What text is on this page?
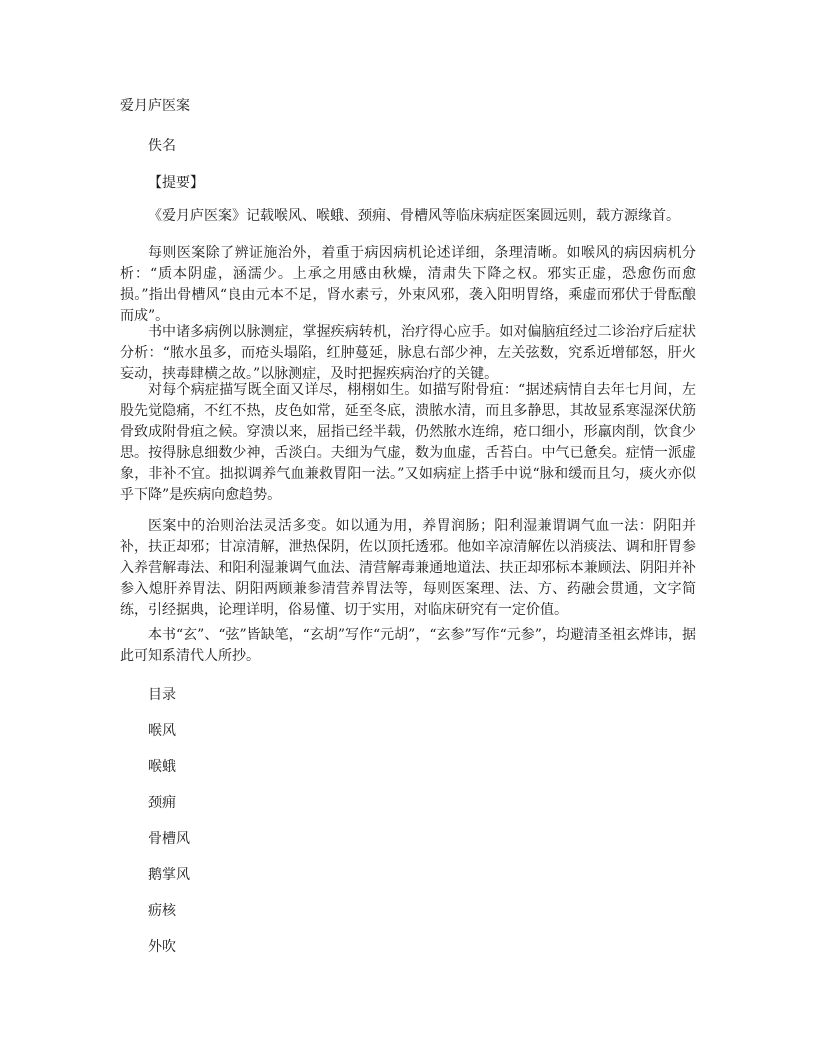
爱月庐医案
佚名
【提要】
《爱月庐医案》记载喉风、喉蛾、颈痈、骨槽风等临床病症医案圆远则，载方源缘首。
每则医案除了辨证施治外，着重于病因病机论述详细，条理清晰。如喉风的病因病机分析：“质本阴虚，涵濡少。上承之用感由秋燥，清肃失下降之权。邪实正虚，恐愈伤而愈损。”指出骨槽风“良由元本不足，肾水素亏，外束风邪，袭入阳明胃络，乘虚而邪伏于骨酝酿而成”。
书中诸多病例以脉测症，掌握疾病转机，治疗得心应手。如对偏脑疽经过二诊治疗后症状分析：“脓水虽多，而疮头塌陷，红肿蔓延，脉息右部少神，左关弦数，究系近增郁怒，肝火妄动，挟毒肆横之故。”以脉测症，及时把握疾病治疗的关键。
对每个病症描写既全面又详尽，栩栩如生。如描写附骨疽：“据述病情自去年七月间，左股先觉隐痛，不红不热，皮色如常，延至冬底，溃脓水清，而且多静思，其故显系寒湿深伏筋骨致成附骨疽之候。穿溃以来，屈指已经半载，仍然脓水连绵，疮口细小，形羸肉削，饮食少思。按得脉息细数少神，舌淡白。夫细为气虚，数为血虚，舌苔白。中气已惫矣。症情一派虚象，非补不宜。拙拟调养气血兼救胃阳一法。”又如病症上搭手中说“脉和缓而且匀，痰火亦似乎下降”是疾病向愈趋势。
医案中的治则治法灵活多变。如以通为用，养胃润肠；阳利湿兼谓调气血一法：阴阳并补，扶正却邪；甘凉清解，泄热保阴，佐以顶托透邪。他如辛凉清解佐以消痰法、调和肝胃参入养营解毒法、和阳利湿兼调气血法、清营解毒兼通地道法、扶正却邪标本兼顾法、阴阳并补参入熄肝养胃法、阴阳两顾兼参清营养胃法等，每则医案理、法、方、药融会贯通，文字简练，引经据典，论理详明，俗易懂、切于实用，对临床研究有一定价值。
本书“玄”、“弦”皆缺笔，“玄胡”写作“元胡”，“玄参”写作“元参”，均避清圣祖玄烨讳，据此可知系清代人所抄。
目录
喉风
喉蛾
颈痈
骨槽风
鹅掌风
疬核
外吹
